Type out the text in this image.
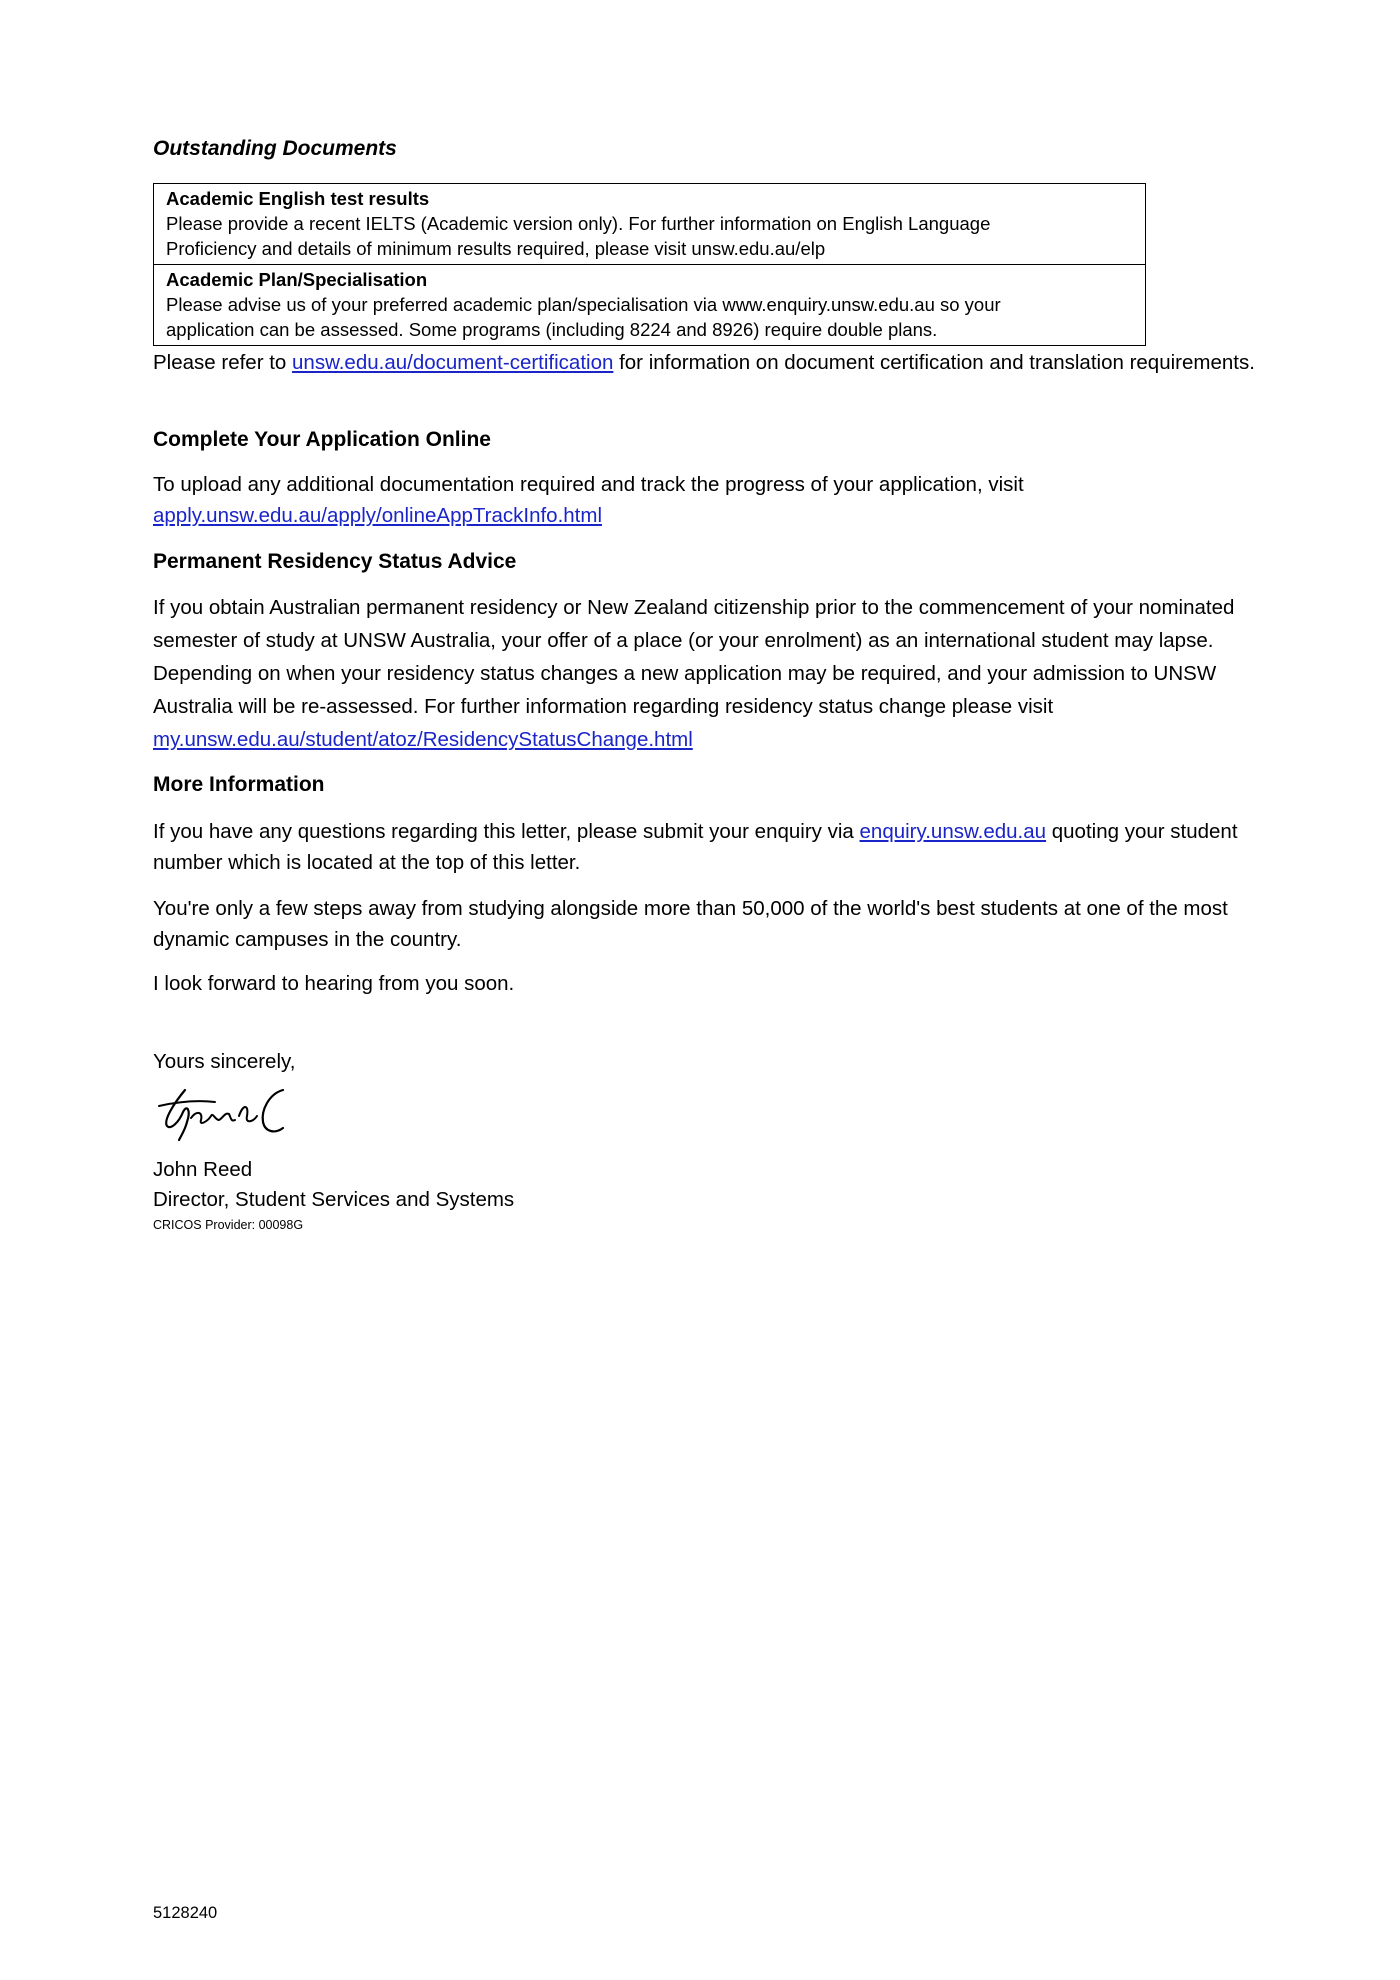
Outstanding Documents
Academic English test results
Please provide a recent IELTS (Academic version only). For further information on English Language
Proficiency and details of minimum results required, please visit unsw.edu.au/elp
Academic Plan/Specialisation
Please advise us of your preferred academic plan/specialisation via www.enquiry.unsw.edu.au so your
application can be assessed. Some programs (including 8224 and 8926) require double plans.
Please refer to unsw.edu.au/document-certification for information on document certification and translation requirements.
Complete Your Application Online
To upload any additional documentation required and track the progress of your application, visit
apply.unsw.edu.au/apply/onlineAppTrackInfo.html
Permanent Residency Status Advice
If you obtain Australian permanent residency or New Zealand citizenship prior to the commencement of your nominated semester of study at UNSW Australia, your offer of a place (or your enrolment) as an international student may lapse. Depending on when your residency status changes a new application may be required, and your admission to UNSW Australia will be re-assessed. For further information regarding residency status change please visit my.unsw.edu.au/student/atoz/ResidencyStatusChange.html
More Information
If you have any questions regarding this letter, please submit your enquiry via enquiry.unsw.edu.au quoting your student number which is located at the top of this letter.
You're only a few steps away from studying alongside more than 50,000 of the world's best students at one of the most dynamic campuses in the country.
I look forward to hearing from you soon.
Yours sincerely,
John Reed
Director, Student Services and Systems
CRICOS Provider: 00098G
5128240
